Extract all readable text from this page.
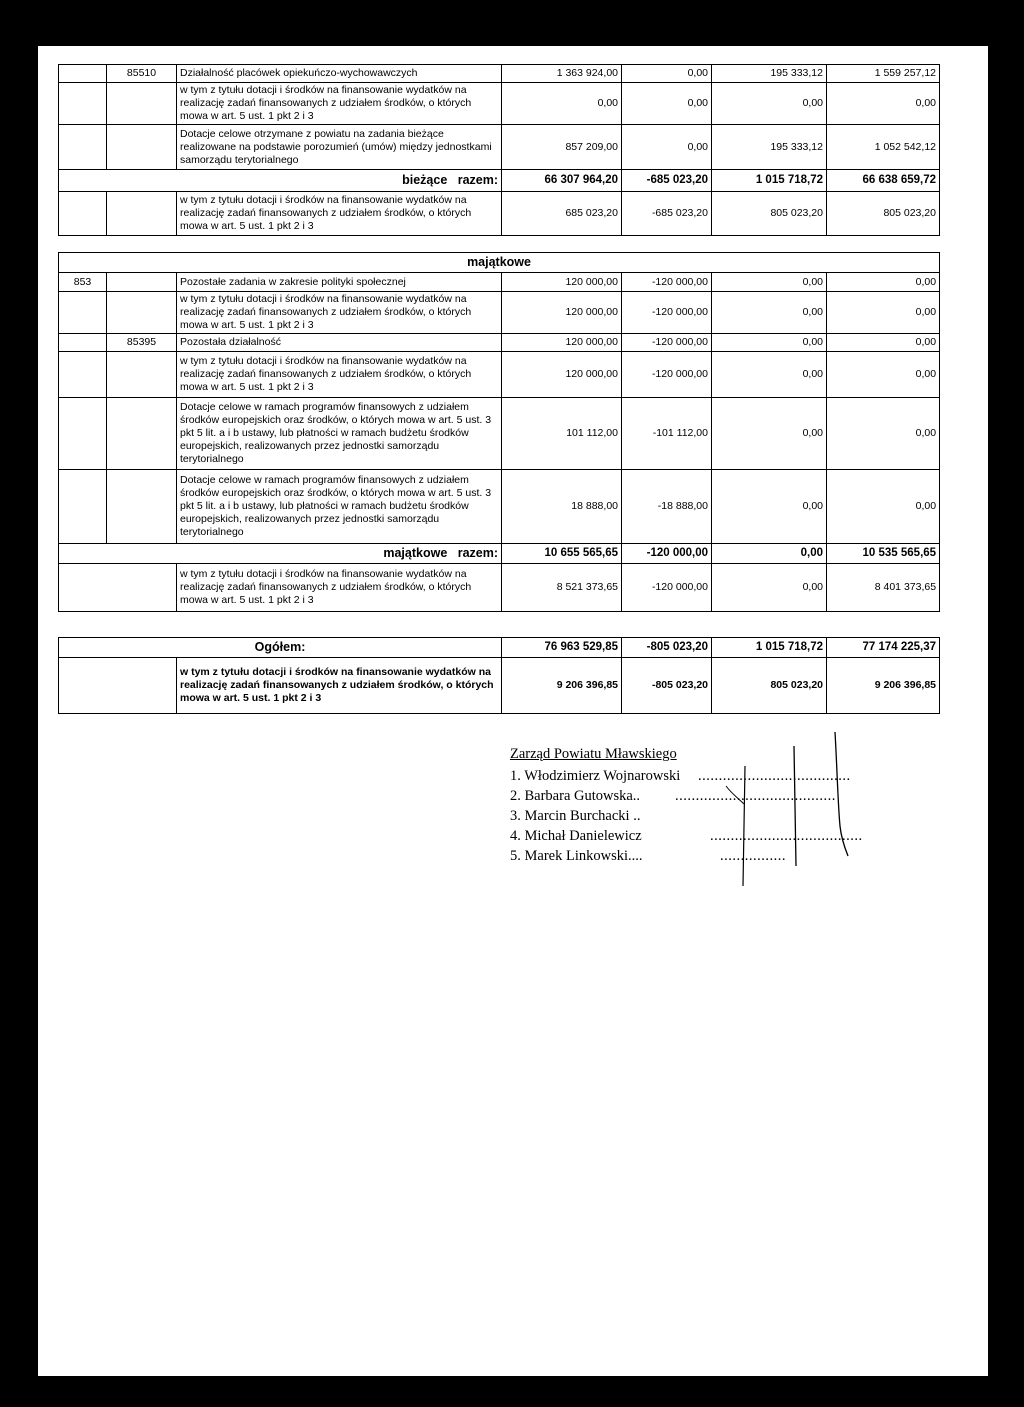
	85510	Działalność placówek opiekuńczo-wychowawczych	1 363 924,00	0,00	195 333,12	1 559 257,12
		w tym z tytułu dotacji i środków na finansowanie wydatków na realizację zadań finansowanych z udziałem środków, o których mowa w art. 5 ust. 1 pkt 2 i 3	0,00	0,00	0,00	0,00
		Dotacje celowe otrzymane z powiatu na zadania bieżące realizowane na podstawie porozumień (umów) między jednostkami samorządu terytorialnego	857 209,00	0,00	195 333,12	1 052 542,12
bieżące razem:			66 307 964,20	-685 023,20	1 015 718,72	66 638 659,72
		w tym z tytułu dotacji i środków na finansowanie wydatków na realizację zadań finansowanych z udziałem środków, o których mowa w art. 5 ust. 1 pkt 2 i 3	685 023,20	-685 023,20	805 023,20	805 023,20
majątkowe						
853		Pozostałe zadania w zakresie polityki społecznej	120 000,00	-120 000,00	0,00	0,00
		w tym z tytułu dotacji i środków na finansowanie wydatków na realizację zadań finansowanych z udziałem środków, o których mowa w art. 5 ust. 1 pkt 2 i 3	120 000,00	-120 000,00	0,00	0,00
	85395	Pozostała działalność	120 000,00	-120 000,00	0,00	0,00
		w tym z tytułu dotacji i środków na finansowanie wydatków na realizację zadań finansowanych z udziałem środków, o których mowa w art. 5 ust. 1 pkt 2 i 3	120 000,00	-120 000,00	0,00	0,00
		Dotacje celowe w ramach programów finansowych z udziałem środków europejskich oraz środków, o których mowa w art. 5 ust. 3 pkt 5 lit. a i b ustawy, lub płatności w ramach budżetu środków europejskich, realizowanych przez jednostki samorządu terytorialnego	101 112,00	-101 112,00	0,00	0,00
		Dotacje celowe w ramach programów finansowych z udziałem środków europejskich oraz środków, o których mowa w art. 5 ust. 3 pkt 5 lit. a i b ustawy, lub płatności w ramach budżetu środków europejskich, realizowanych przez jednostki samorządu terytorialnego	18 888,00	-18 888,00	0,00	0,00
majątkowe razem:			10 655 565,65	-120 000,00	0,00	10 535 565,65
		w tym z tytułu dotacji i środków na finansowanie wydatków na realizację zadań finansowanych z udziałem środków, o których mowa w art. 5 ust. 1 pkt 2 i 3	8 521 373,65	-120 000,00	0,00	8 401 373,65
Ogółem:		76 963 529,85	-805 023,20	1 015 718,72	77 174 225,37
	w tym z tytułu dotacji i środków na finansowanie wydatków na realizację zadań finansowanych z udziałem środków, o których mowa w art. 5 ust. 1 pkt 2 i 3	9 206 396,85	-805 023,20	805 023,20	9 206 396,85
Zarząd Powiatu Mławskiego
1. Włodzimierz Wojnarowski .....................................
2. Barbara Gutowska.. .......................................
3. Marcin Burchacki ..
4. Michał Danielewicz	.....................................
5. Marek Linkowski....	................
